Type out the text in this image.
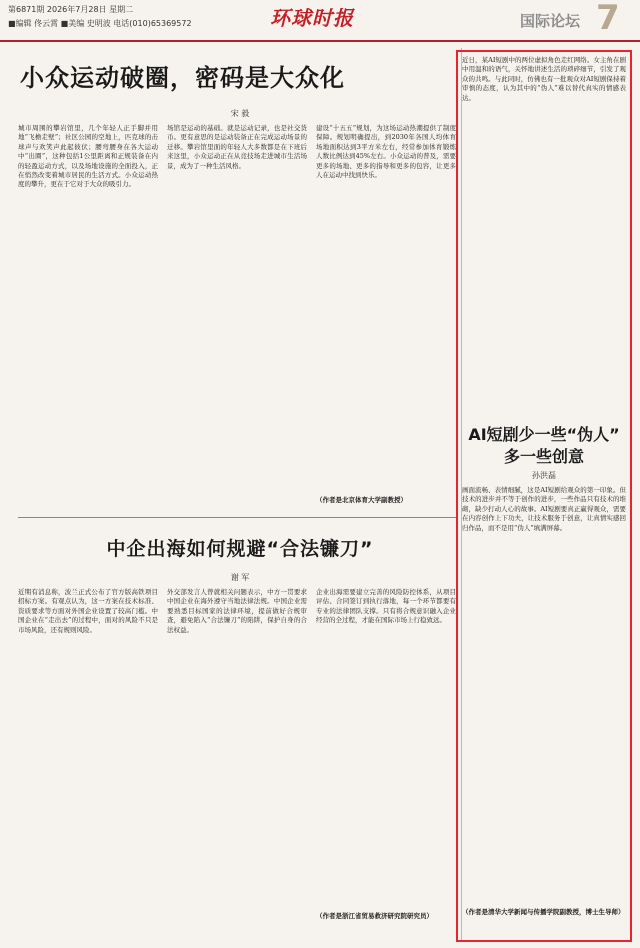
第6871期 2026年7月28日 星期二
■编辑 佟云霄 ■美编 史明波 电话(010)65369572	环球时报	国际论坛 7
小众运动破圈，密码是大众化
宋 毅

城市周围的攀岩馆里，几个年轻人正手脚并用地“飞檐走壁”；社区公园的空地上，匹克球的击球声与欢笑声此起彼伏；腰弯腰身在各大运动中“出圈”，这种包括1公里距离和正规装备在内的轻盈运动方式，以及场地设施的全面投入，正在悄然改变着城市居民的生活方式。小众运动热度的攀升，更在于它对于大众的吸引力。

场馆是运动的基础。就是运动记录，也是社交货币。更有意思的是运动装备正在完成运动场景的迁移。攀岩馆里面的年轻人大多数都是在下班后来这里，小众运动正在从竞技场走进城市生活场景，成为了一种生活风格。

建设“十五五”规划，为这场运动热潮提供了制度保障。规划明确提出，到2030年各国人均体育场地面积达到3平方米左右，经常参加体育锻炼人数比例达到45%左右。小众运动的普及，需要更多的场地、更多的指导和更多的包容，让更多人在运动中找到快乐。

（作者是北京体育大学副教授）
中企出海如何规避“合法镰刀”
谢 军

近期有消息称，波兰正式公布了官方版高铁项目招标方案。有观点认为，这一方案在技术标准、资质要求等方面对外国企业设置了较高门槛。中国企业在“走出去”的过程中，面对的风险不只是市场风险，还有规则风险。

外交部发言人曾就相关问题表示，中方一贯要求中国企业在海外遵守当地法律法规。中国企业需要熟悉目标国家的法律环境，提前做好合规审查，避免陷入“合法镰刀”的陷阱，保护自身的合法权益。

企业出海需要建立完善的风险防控体系，从项目评估、合同签订到执行落地，每一个环节都要有专业的法律团队支撑。只有将合规意识融入企业经营的全过程，才能在国际市场上行稳致远。

（作者是浙江省贸易救济研究院研究员）

近日，某AI短剧中的两位虚拟角色走红网络。女主角在剧中用温和的语气，关怀地讲述生活的琐碎细节，引发了观众的共鸣。与此同时，仿佛也有一批观众对AI短剧保持着审慎的态度，认为其中的“伪人”难以替代真实的情感表达。

AI短剧少一些“伪人” 多一些创意
孙洪磊

画面流畅、表情细腻，这是AI短剧给观众的第一印象。但技术的进步并不等于创作的进步，一些作品只有技术的堆砌，缺少打动人心的故事。AI短剧要真正赢得观众，需要在内容创作上下功夫，让技术服务于创意，让真情实感回归作品，而不是用“伪人”填满屏幕。

（作者是清华大学新闻与传播学院副教授，博士生导师）
